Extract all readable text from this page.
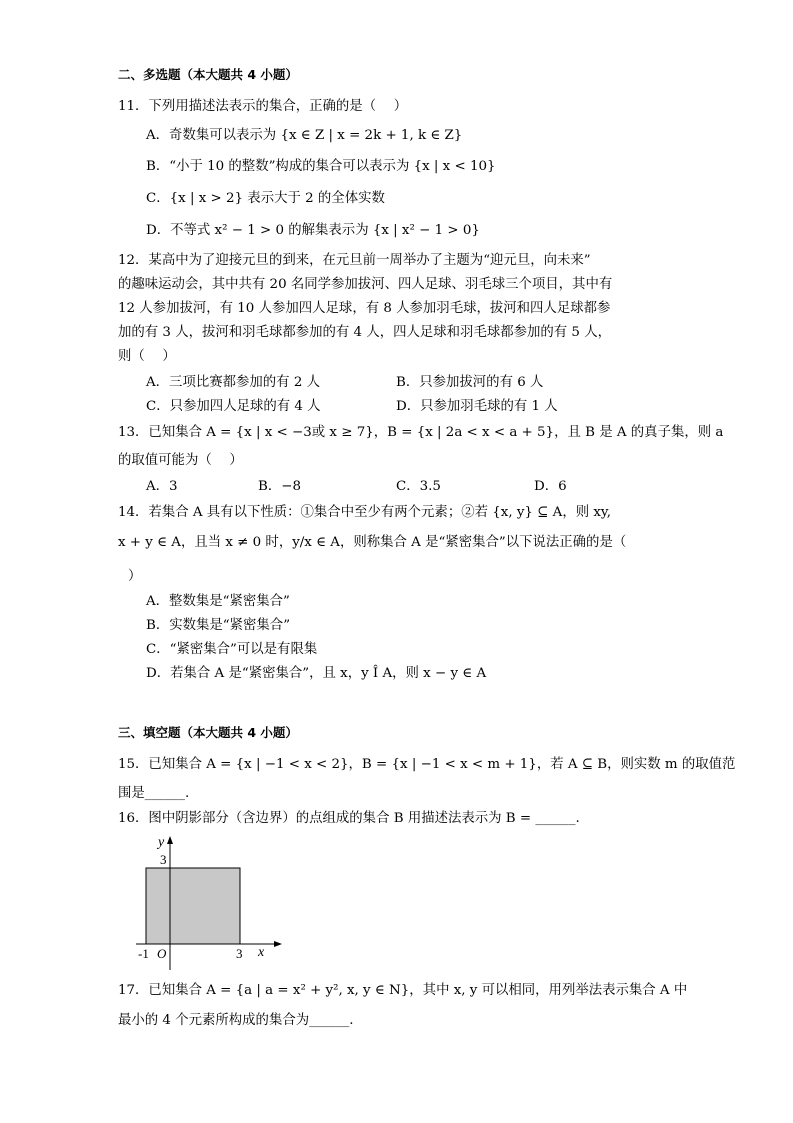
二、多选题（本大题共 4 小题）
11．下列用描述法表示的集合，正确的是（　 ）
A．奇数集可以表示为 {x ∈ Z | x = 2k + 1, k ∈ Z}
B．“小于 10 的整数”构成的集合可以表示为 {x | x < 10}
C．{x | x > 2} 表示大于 2 的全体实数
D．不等式 x² − 1 > 0 的解集表示为 {x | x² − 1 > 0}
12．某高中为了迎接元旦的到来，在元旦前一周举办了主题为“迎元旦，向未来”
的趣味运动会，其中共有 20 名同学参加拔河、四人足球、羽毛球三个项目，其中有
12 人参加拔河，有 10 人参加四人足球，有 8 人参加羽毛球，拔河和四人足球都参
加的有 3 人，拔河和羽毛球都参加的有 4 人，四人足球和羽毛球都参加的有 5 人，
则（　 ）
A．三项比赛都参加的有 2 人	B．只参加拔河的有 6 人
C．只参加四人足球的有 4 人	D．只参加羽毛球的有 1 人
13．已知集合 A = {x | x < −3或 x ≥ 7}，B = {x | 2a < x < a + 5}，且 B 是 A 的真子集，则 a
的取值可能为（　 ）
A．3	B．−8	C．3.5	D．6
14．若集合 A 具有以下性质：①集合中至少有两个元素；②若 {x, y} ⊆ A，则 xy,
x + y ∈ A，且当 x ≠ 0 时，y/x ∈ A，则称集合 A 是“紧密集合”以下说法正确的是（
）
A．整数集是“紧密集合”
B．实数集是“紧密集合”
C．“紧密集合”可以是有限集
D．若集合 A 是“紧密集合”，且 x，y Î A，则 x − y ∈ A
三、填空题（本大题共 4 小题）
15．已知集合 A = {x | −1 < x < 2}，B = {x | −1 < x < m + 1}，若 A ⊆ B，则实数 m 的取值范
围是______.
16．图中阴影部分（含边界）的点组成的集合 B 用描述法表示为 B = ______.
y
3
-1 O	3 x
17．已知集合 A = {a | a = x² + y², x, y ∈ N}，其中 x, y 可以相同，用列举法表示集合 A 中
最小的 4 个元素所构成的集合为______.
